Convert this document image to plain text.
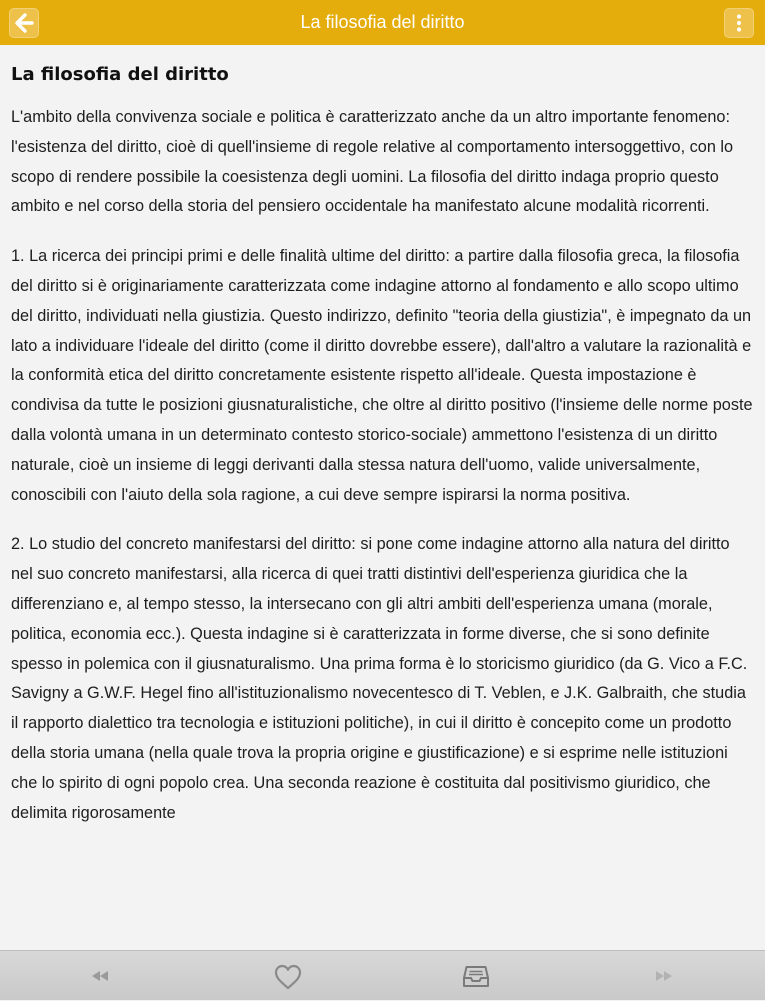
La filosofia del diritto
La filosofia del diritto

L'ambito della convivenza sociale e politica è caratterizzato anche da un altro importante fenomeno: l'esistenza del diritto, cioè di quell'insieme di regole relative al comportamento intersoggettivo, con lo scopo di rendere possibile la coesistenza degli uomini. La filosofia del diritto indaga proprio questo ambito e nel corso della storia del pensiero occidentale ha manifestato alcune modalità ricorrenti.

1. La ricerca dei principi primi e delle finalità ultime del diritto: a partire dalla filosofia greca, la filosofia del diritto si è originariamente caratterizzata come indagine attorno al fondamento e allo scopo ultimo del diritto, individuati nella giustizia. Questo indirizzo, definito "teoria della giustizia", è impegnato da un lato a individuare l'ideale del diritto (come il diritto dovrebbe essere), dall'altro a valutare la razionalità e la conformità etica del diritto concretamente esistente rispetto all'ideale. Questa impostazione è condivisa da tutte le posizioni giusnaturalistiche, che oltre al diritto positivo (l'insieme delle norme poste dalla volontà umana in un determinato contesto storico-sociale) ammettono l'esistenza di un diritto naturale, cioè un insieme di leggi derivanti dalla stessa natura dell'uomo, valide universalmente, conoscibili con l'aiuto della sola ragione, a cui deve sempre ispirarsi la norma positiva.

2. Lo studio del concreto manifestarsi del diritto: si pone come indagine attorno alla natura del diritto nel suo concreto manifestarsi, alla ricerca di quei tratti distintivi dell'esperienza giuridica che la differenziano e, al tempo stesso, la intersecano con gli altri ambiti dell'esperienza umana (morale, politica, economia ecc.). Questa indagine si è caratterizzata in forme diverse, che si sono definite spesso in polemica con il giusnaturalismo. Una prima forma è lo storicismo giuridico (da G. Vico a F.C. Savigny a G.W.F. Hegel fino all'istituzionalismo novecentesco di T. Veblen, e J.K. Galbraith, che studia il rapporto dialettico tra tecnologia e istituzioni politiche), in cui il diritto è concepito come un prodotto della storia umana (nella quale trova la propria origine e giustificazione) e si esprime nelle istituzioni che lo spirito di ogni popolo crea. Una seconda reazione è costituita dal positivismo giuridico, che delimita rigorosamente
